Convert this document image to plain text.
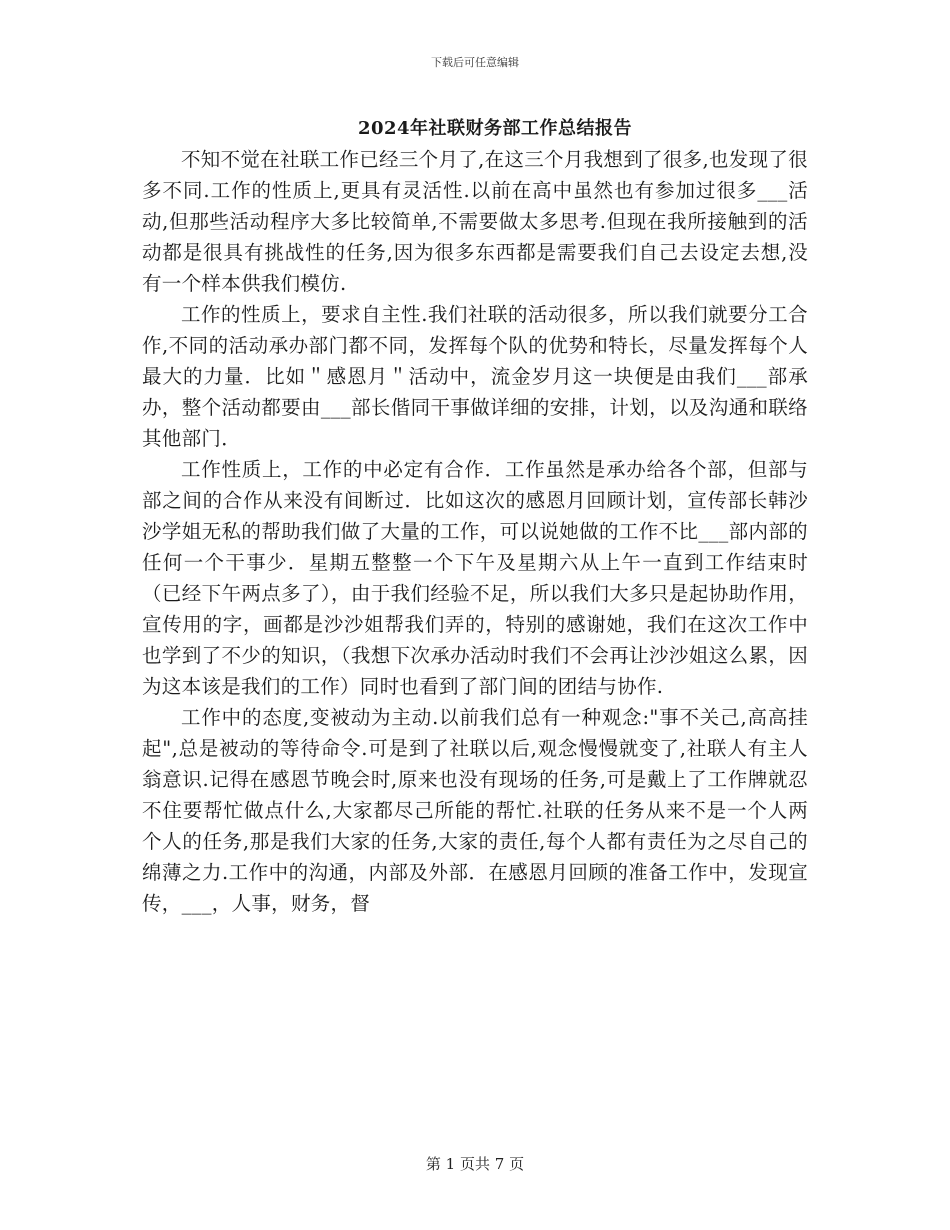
下载后可任意编辑
2024年社联财务部工作总结报告

不知不觉在社联工作已经三个月了,在这三个月我想到了很多,也发现了很多不同.工作的性质上,更具有灵活性.以前在高中虽然也有参加过很多___活动,但那些活动程序大多比较简单,不需要做太多思考.但现在我所接触到的活动都是很具有挑战性的任务,因为很多东西都是需要我们自己去设定去想,没有一个样本供我们模仿.

工作的性质上，要求自主性.我们社联的活动很多，所以我们就要分工合作,不同的活动承办部门都不同，发挥每个队的优势和特长，尽量发挥每个人最大的力量．比如＂感恩月＂活动中，流金岁月这一块便是由我们___部承办，整个活动都要由___部长偕同干事做详细的安排，计划，以及沟通和联络其他部门．

工作性质上，工作的中必定有合作．工作虽然是承办给各个部，但部与部之间的合作从来没有间断过．比如这次的感恩月回顾计划，宣传部长韩沙沙学姐无私的帮助我们做了大量的工作，可以说她做的工作不比___部内部的任何一个干事少．星期五整整一个下午及星期六从上午一直到工作结束时（已经下午两点多了），由于我们经验不足，所以我们大多只是起协助作用，宣传用的字，画都是沙沙姐帮我们弄的，特别的感谢她，我们在这次工作中也学到了不少的知识，（我想下次承办活动时我们不会再让沙沙姐这么累，因为这本该是我们的工作）同时也看到了部门间的团结与协作.

工作中的态度,变被动为主动.以前我们总有一种观念:"事不关己,高高挂起",总是被动的等待命令.可是到了社联以后,观念慢慢就变了,社联人有主人翁意识.记得在感恩节晚会时,原来也没有现场的任务,可是戴上了工作牌就忍不住要帮忙做点什么,大家都尽己所能的帮忙.社联的任务从来不是一个人两个人的任务,那是我们大家的任务,大家的责任,每个人都有责任为之尽自己的绵薄之力.工作中的沟通，内部及外部．在感恩月回顾的准备工作中，发现宣传，___，人事，财务，督

第 1 页共 7 页
